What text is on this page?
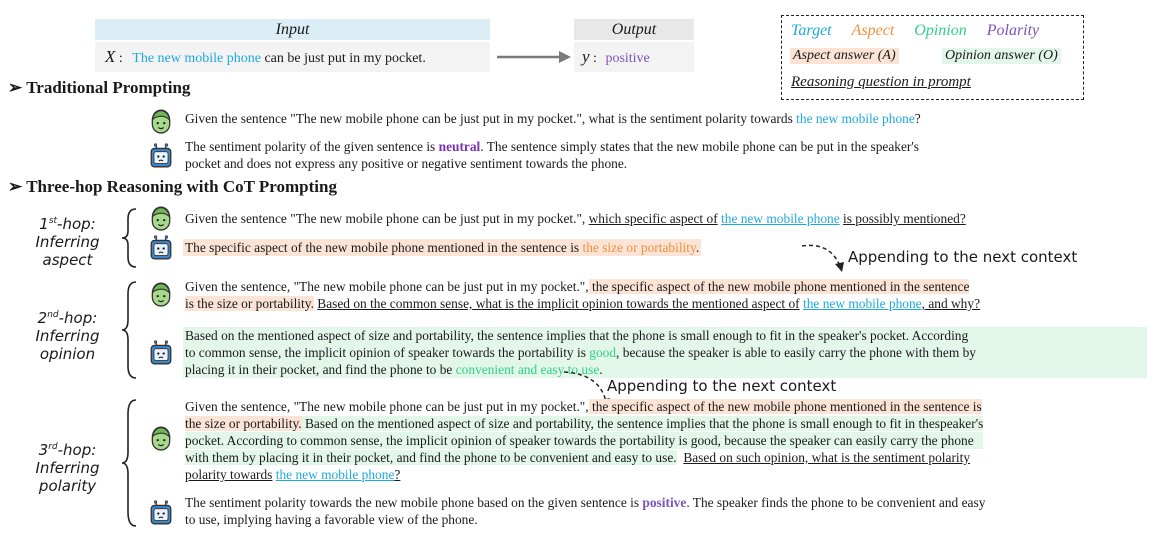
Input
X : The new mobile phone can be just put in my pocket.
Output
y : positive
Target Aspect Opinion Polarity
Aspect answer (A)	Opinion answer (O)
Reasoning question in prompt
➢ Traditional Prompting
Given the sentence "The new mobile phone can be just put in my pocket.", what is the sentiment polarity towards the new mobile phone?
The sentiment polarity of the given sentence is neutral. The sentence simply states that the new mobile phone can be put in the speaker's
pocket and does not express any positive or negative sentiment towards the phone.
➢ Three-hop Reasoning with CoT Prompting
1st-hop:
Inferring
aspect
Given the sentence "The new mobile phone can be just put in my pocket.", which specific aspect of the new mobile phone is possibly mentioned?
The specific aspect of the new mobile phone mentioned in the sentence is the size or portability.
Appending to the next context
2nd-hop:
Inferring
opinion
Given the sentence, "The new mobile phone can be just put in my pocket.", the specific aspect of the new mobile phone mentioned in the sentence
is the size or portability. Based on the common sense, what is the implicit opinion towards the mentioned aspect of the new mobile phone, and why?
Based on the mentioned aspect of size and portability, the sentence implies that the phone is small enough to fit in the speaker's pocket. According
to common sense, the implicit opinion of speaker towards the portability is good, because the speaker is able to easily carry the phone with them by
placing it in their pocket, and find the phone to be convenient and easy to use.
Appending to the next context
3rd-hop:
Inferring
polarity
Given the sentence, "The new mobile phone can be just put in my pocket.", the specific aspect of the new mobile phone mentioned in the sentence is
the size or portability. Based on the mentioned aspect of size and portability, the sentence implies that the phone is small enough to fit in thespeaker's
pocket. According to common sense, the implicit opinion of speaker towards the portability is good, because the speaker can easily carry the phone
with them by placing it in their pocket, and find the phone to be convenient and easy to use. Based on such opinion, what is the sentiment polarity
polarity towards the new mobile phone?
The sentiment polarity towards the new mobile phone based on the given sentence is positive. The speaker finds the phone to be convenient and easy
to use, implying having a favorable view of the phone.
